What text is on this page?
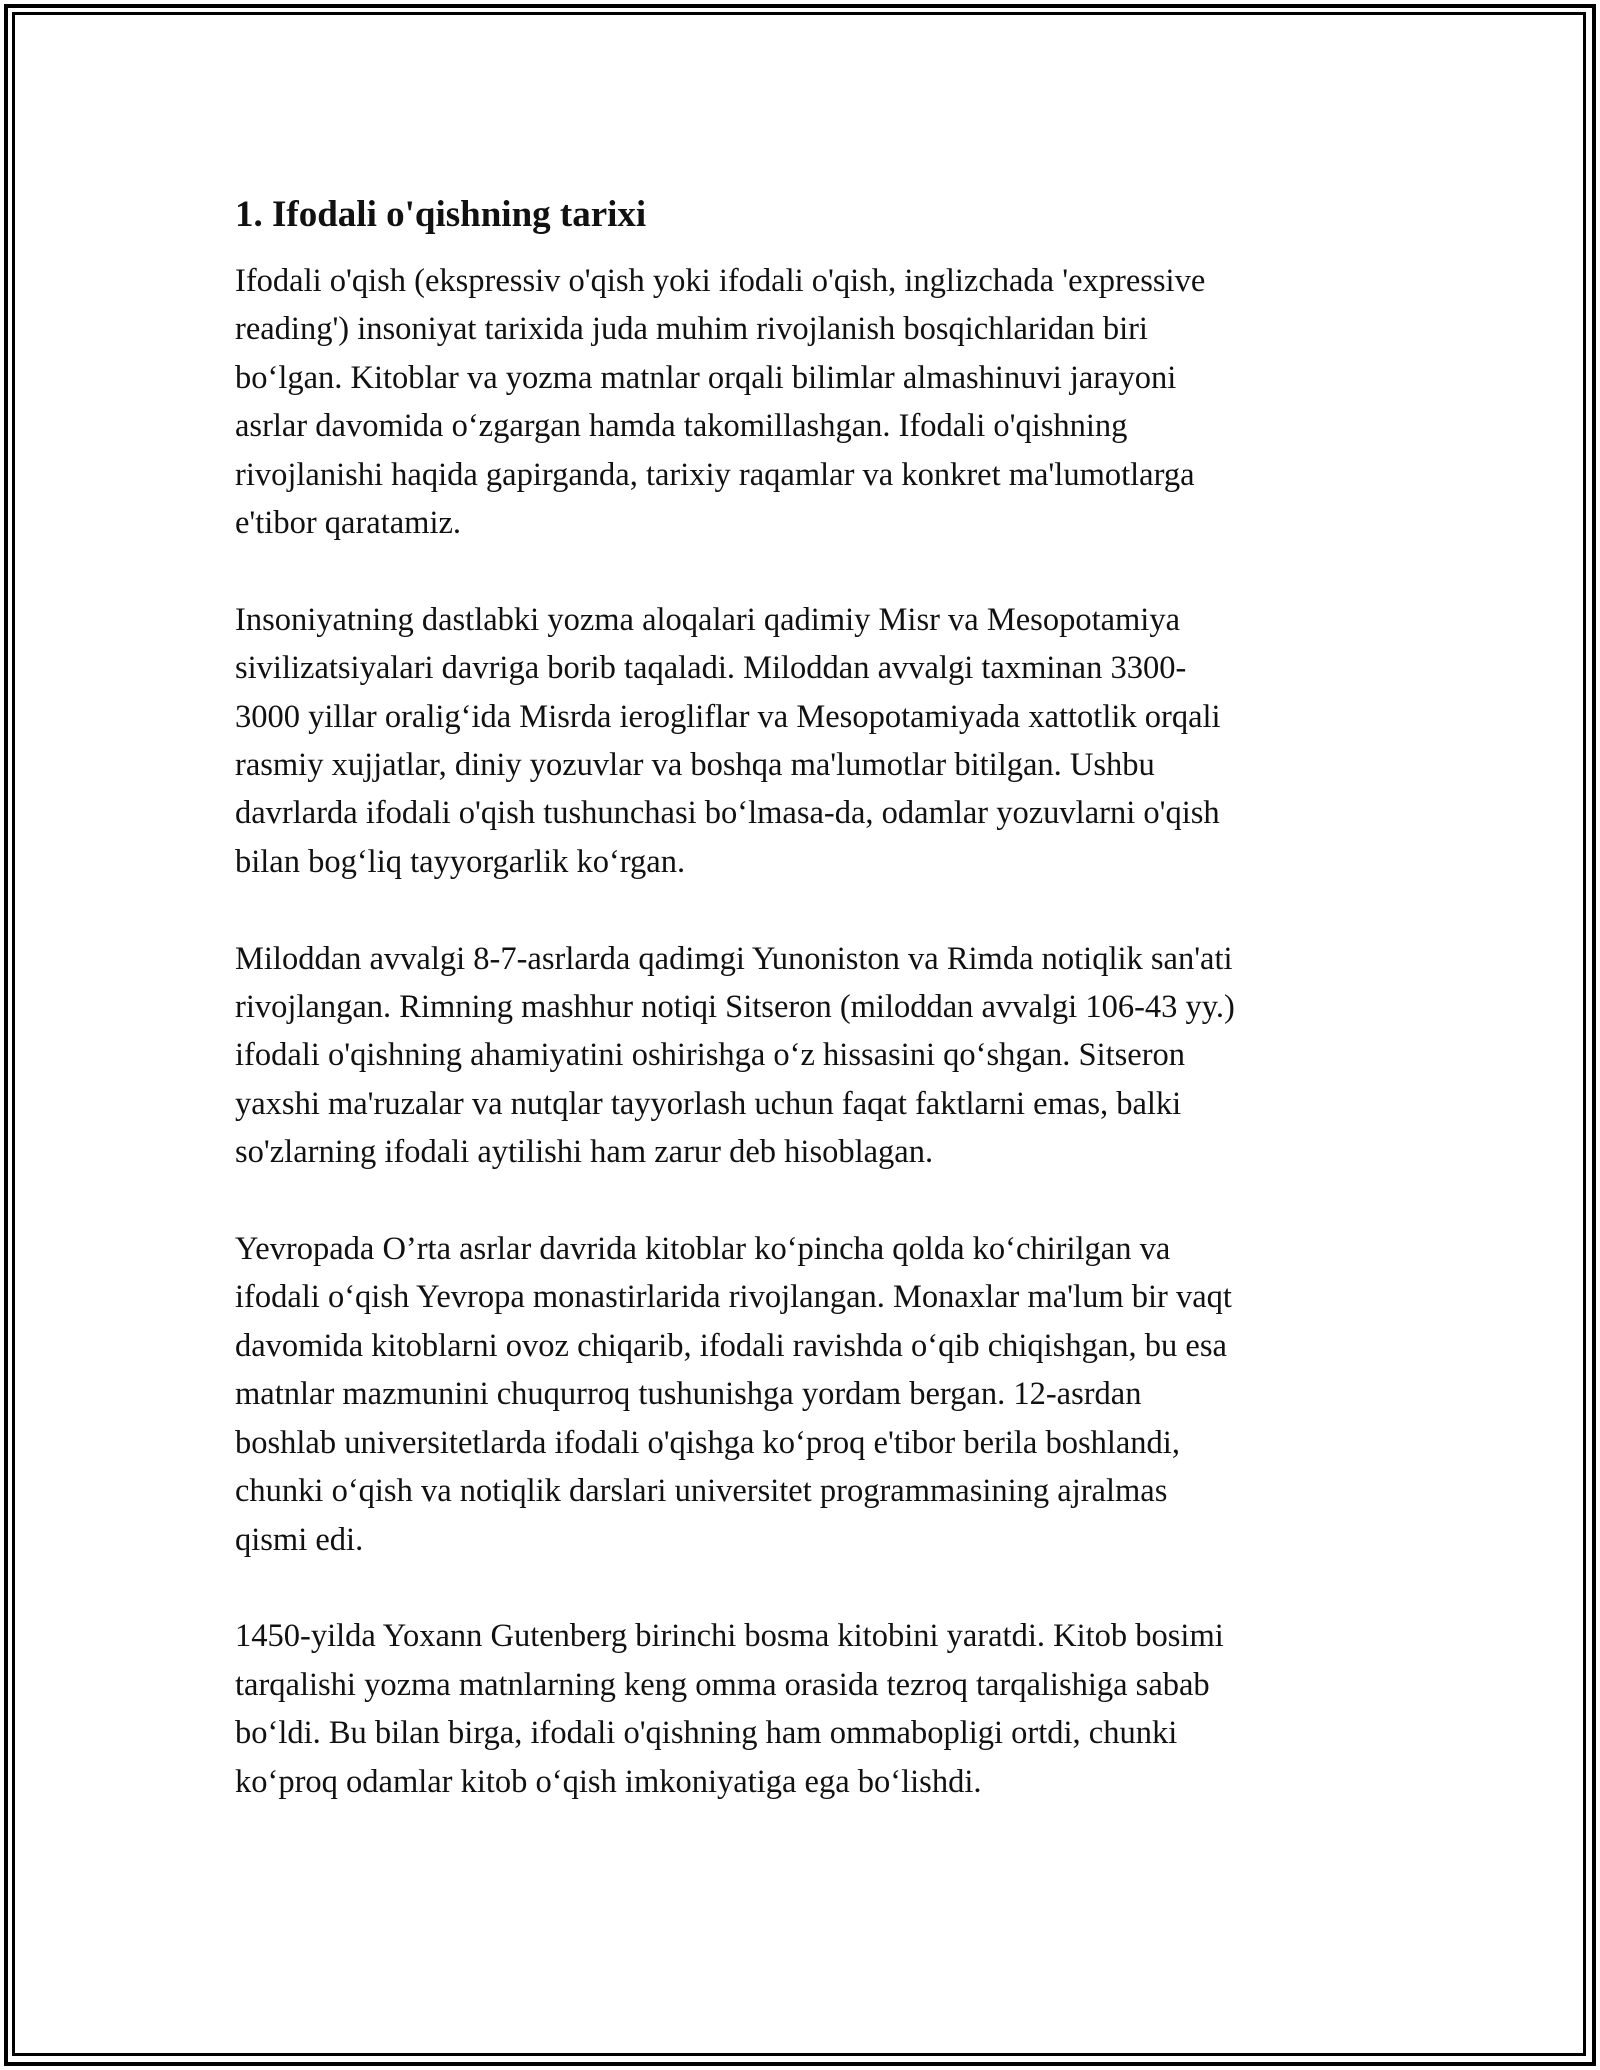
1. Ifodali o'qishning tarixi
Ifodali o'qish (ekspressiv o'qish yoki ifodali o'qish, inglizchada 'expressive
reading') insoniyat tarixida juda muhim rivojlanish bosqichlaridan biri
bo‘lgan. Kitoblar va yozma matnlar orqali bilimlar almashinuvi jarayoni
asrlar davomida o‘zgargan hamda takomillashgan. Ifodali o'qishning
rivojlanishi haqida gapirganda, tarixiy raqamlar va konkret ma'lumotlarga
e'tibor qaratamiz.
Insoniyatning dastlabki yozma aloqalari qadimiy Misr va Mesopotamiya
sivilizatsiyalari davriga borib taqaladi. Miloddan avvalgi taxminan 3300-
3000 yillar oralig‘ida Misrda ierogliflar va Mesopotamiyada xattotlik orqali
rasmiy xujjatlar, diniy yozuvlar va boshqa ma'lumotlar bitilgan. Ushbu
davrlarda ifodali o'qish tushunchasi bo‘lmasa-da, odamlar yozuvlarni o'qish
bilan bog‘liq tayyorgarlik ko‘rgan.
Miloddan avvalgi 8-7-asrlarda qadimgi Yunoniston va Rimda notiqlik san'ati
rivojlangan. Rimning mashhur notiqi Sitseron (miloddan avvalgi 106-43 yy.)
ifodali o'qishning ahamiyatini oshirishga o‘z hissasini qo‘shgan. Sitseron
yaxshi ma'ruzalar va nutqlar tayyorlash uchun faqat faktlarni emas, balki
so'zlarning ifodali aytilishi ham zarur deb hisoblagan.
Yevropada O’rta asrlar davrida kitoblar ko‘pincha qolda ko‘chirilgan va
ifodali o‘qish Yevropa monastirlarida rivojlangan. Monaxlar ma'lum bir vaqt
davomida kitoblarni ovoz chiqarib, ifodali ravishda o‘qib chiqishgan, bu esa
matnlar mazmunini chuqurroq tushunishga yordam bergan. 12-asrdan
boshlab universitetlarda ifodali o'qishga ko‘proq e'tibor berila boshlandi,
chunki o‘qish va notiqlik darslari universitet programmasining ajralmas
qismi edi.
1450-yilda Yoxann Gutenberg birinchi bosma kitobini yaratdi. Kitob bosimi
tarqalishi yozma matnlarning keng omma orasida tezroq tarqalishiga sabab
bo‘ldi. Bu bilan birga, ifodali o'qishning ham ommabopligi ortdi, chunki
ko‘proq odamlar kitob o‘qish imkoniyatiga ega bo‘lishdi.
